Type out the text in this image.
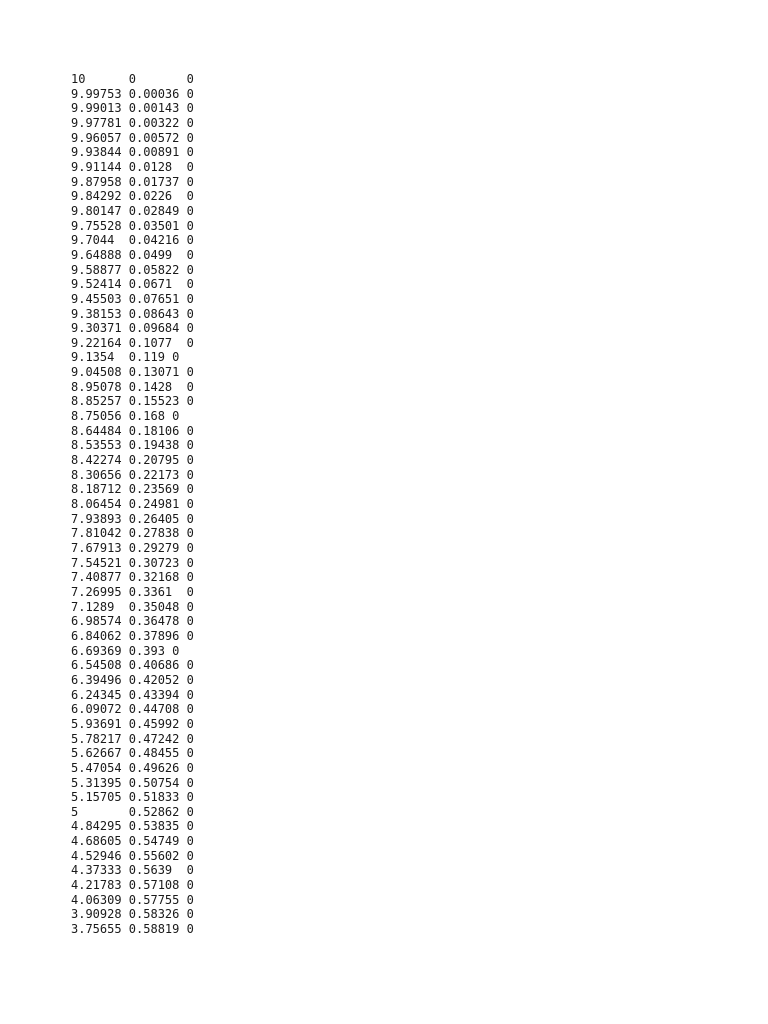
10	0	0
9.99753	0.00036	0
9.99013	0.00143	0
9.97781	0.00322	0
9.96057	0.00572	0
9.93844	0.00891	0
9.91144	0.0128	0
9.87958	0.01737	0
9.84292	0.0226	0
9.80147	0.02849	0
9.75528	0.03501	0
9.7044	0.04216	0
9.64888	0.0499	0
9.58877	0.05822	0
9.52414	0.0671	0
9.45503	0.07651	0
9.38153	0.08643	0
9.30371	0.09684	0
9.22164	0.1077	0
9.1354	0.119 0
9.04508	0.13071	0
8.95078	0.1428	0
8.85257	0.15523	0
8.75056	0.168 0
8.64484	0.18106	0
8.53553	0.19438	0
8.42274	0.20795	0
8.30656	0.22173	0
8.18712	0.23569	0
8.06454	0.24981	0
7.93893	0.26405	0
7.81042	0.27838	0
7.67913	0.29279	0
7.54521	0.30723	0
7.40877	0.32168	0
7.26995	0.3361	0
7.1289	0.35048	0
6.98574	0.36478	0
6.84062	0.37896	0
6.69369	0.393 0
6.54508	0.40686	0
6.39496	0.42052	0
6.24345	0.43394	0
6.09072	0.44708	0
5.93691	0.45992	0
5.78217	0.47242	0
5.62667	0.48455	0
5.47054	0.49626	0
5.31395	0.50754	0
5.15705	0.51833	0
5	0.52862	0
4.84295	0.53835	0
4.68605	0.54749	0
4.52946	0.55602	0
4.37333	0.5639	0
4.21783	0.57108	0
4.06309	0.57755	0
3.90928	0.58326	0
3.75655	0.58819	0
